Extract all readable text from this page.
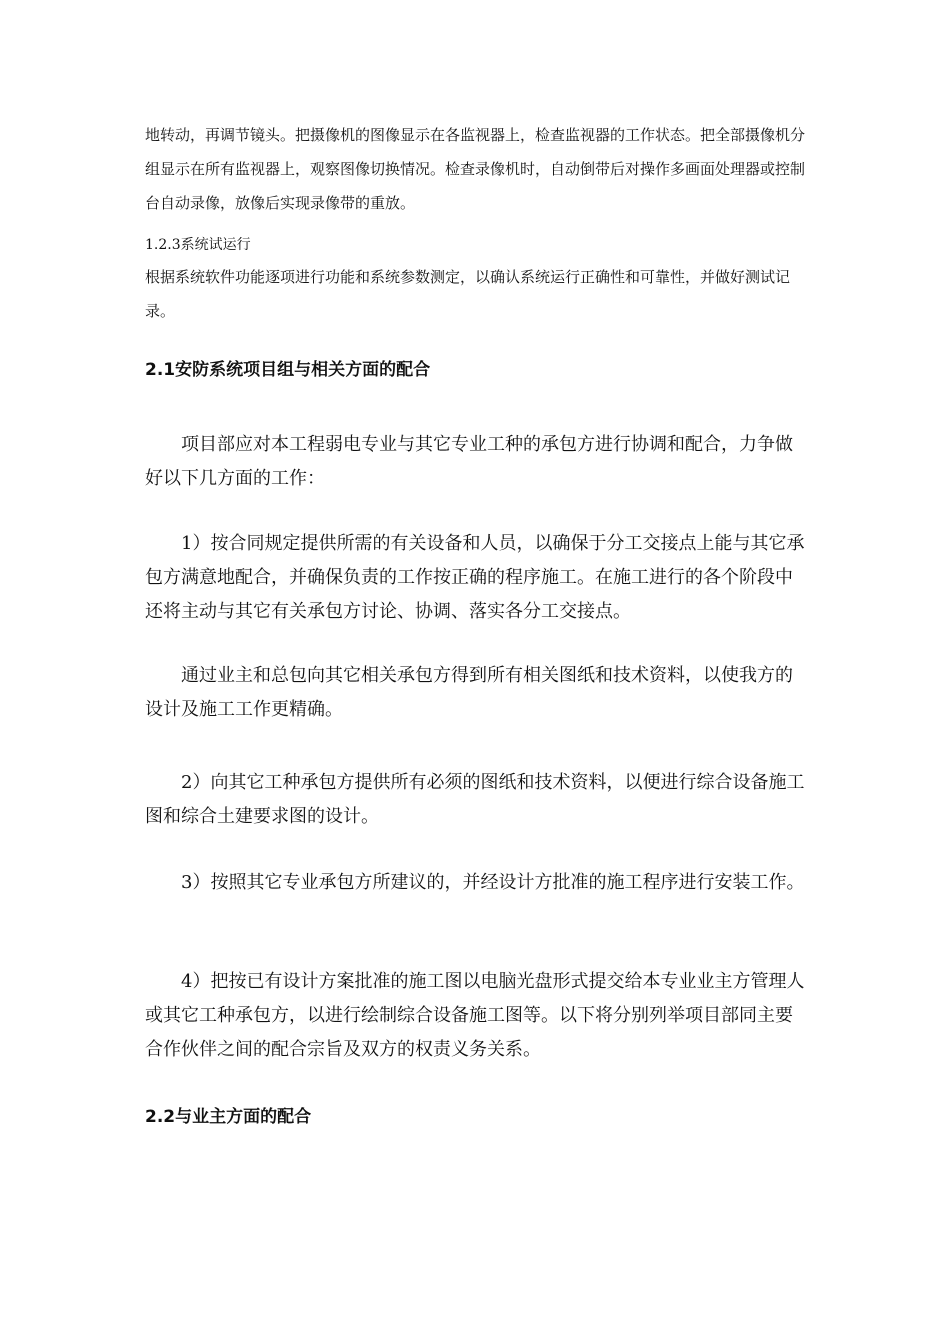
地转动，再调节镜头。把摄像机的图像显示在各监视器上，检查监视器的工作状态。把全部摄像机分组显示在所有监视器上，观察图像切换情况。检查录像机时，自动倒带后对操作多画面处理器或控制台自动录像，放像后实现录像带的重放。
1.2.3系统试运行
根据系统软件功能逐项进行功能和系统参数测定，以确认系统运行正确性和可靠性，并做好测试记录。
2.1安防系统项目组与相关方面的配合
项目部应对本工程弱电专业与其它专业工种的承包方进行协调和配合，力争做好以下几方面的工作：
1）按合同规定提供所需的有关设备和人员，以确保于分工交接点上能与其它承包方满意地配合，并确保负责的工作按正确的程序施工。在施工进行的各个阶段中还将主动与其它有关承包方讨论、协调、落实各分工交接点。
通过业主和总包向其它相关承包方得到所有相关图纸和技术资料，以使我方的设计及施工工作更精确。
2）向其它工种承包方提供所有必须的图纸和技术资料，以便进行综合设备施工图和综合土建要求图的设计。
3）按照其它专业承包方所建议的，并经设计方批准的施工程序进行安装工作。
4）把按已有设计方案批准的施工图以电脑光盘形式提交给本专业业主方管理人或其它工种承包方，以进行绘制综合设备施工图等。以下将分别列举项目部同主要合作伙伴之间的配合宗旨及双方的权责义务关系。
2.2与业主方面的配合
